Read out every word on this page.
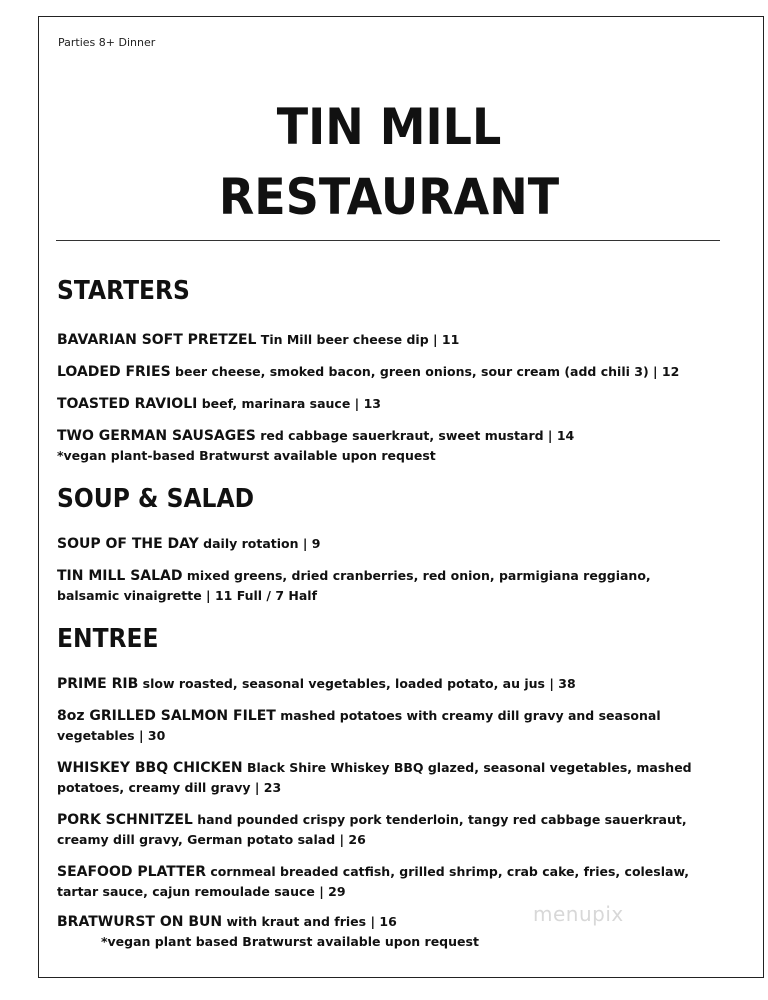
Parties 8+ Dinner
TIN MILL
RESTAURANT
STARTERS
BAVARIAN SOFT PRETZEL Tin Mill beer cheese dip | 11
LOADED FRIES beer cheese, smoked bacon, green onions, sour cream (add chili 3) | 12
TOASTED RAVIOLI beef, marinara sauce | 13
TWO GERMAN SAUSAGES red cabbage sauerkraut, sweet mustard | 14
*vegan plant-based Bratwurst available upon request
SOUP & SALAD
SOUP OF THE DAY daily rotation | 9
TIN MILL SALAD mixed greens, dried cranberries, red onion, parmigiana reggiano, balsamic vinaigrette | 11 Full / 7 Half
ENTREE
PRIME RIB slow roasted, seasonal vegetables, loaded potato, au jus | 38
8oz GRILLED SALMON FILET mashed potatoes with creamy dill gravy and seasonal vegetables | 30
WHISKEY BBQ CHICKEN Black Shire Whiskey BBQ glazed, seasonal vegetables, mashed potatoes, creamy dill gravy | 23
PORK SCHNITZEL hand pounded crispy pork tenderloin, tangy red cabbage sauerkraut, creamy dill gravy, German potato salad | 26
SEAFOOD PLATTER cornmeal breaded catfish, grilled shrimp, crab cake, fries, coleslaw, tartar sauce, cajun remoulade sauce | 29
BRATWURST ON BUN with kraut and fries | 16
*vegan plant based Bratwurst available upon request
menupix
